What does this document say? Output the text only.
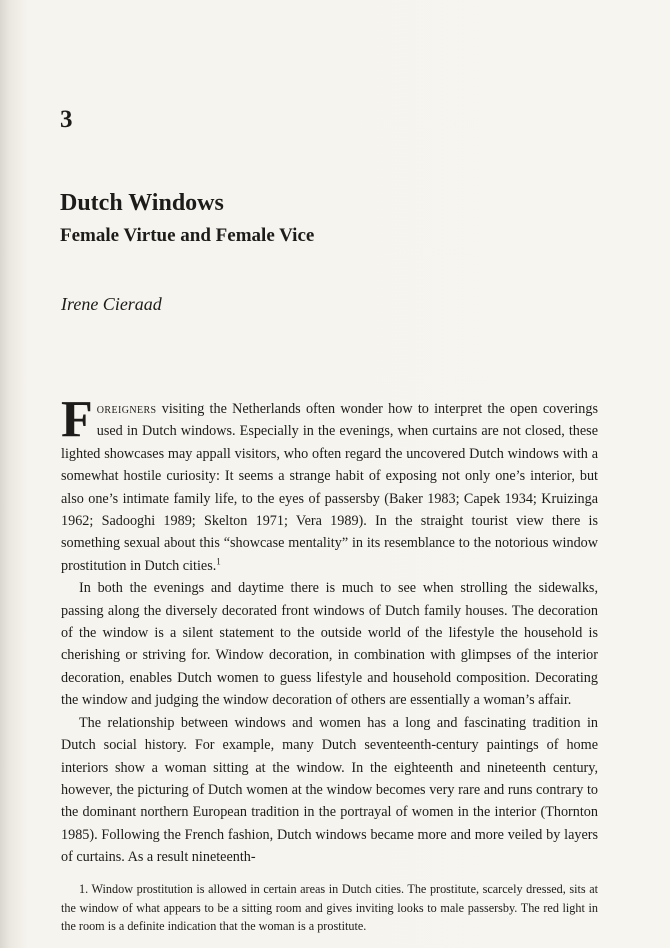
3
Dutch Windows
Female Virtue and Female Vice
Irene Cieraad

Foreigners visiting the Netherlands often wonder how to interpret the open coverings used in Dutch windows. Especially in the evenings, when curtains are not closed, these lighted showcases may appall visitors, who often regard the uncovered Dutch windows with a somewhat hostile curiosity: It seems a strange habit of exposing not only one’s interior, but also one’s intimate family life, to the eyes of passersby (Baker 1983; Capek 1934; Kruizinga 1962; Sadooghi 1989; Skelton 1971; Vera 1989). In the straight tourist view there is something sexual about this “showcase mentality” in its resemblance to the notorious window prostitution in Dutch cities.$^1$

In both the evenings and daytime there is much to see when strolling the sidewalks, passing along the diversely decorated front windows of Dutch family houses. The decoration of the window is a silent statement to the outside world of the lifestyle the household is cherishing or striving for. Window decoration, in combination with glimpses of the interior decoration, enables Dutch women to guess lifestyle and household composition. Decorating the window and judging the window decoration of others are essentially a woman’s affair.

The relationship between windows and women has a long and fascinating tradition in Dutch social history. For example, many Dutch seventeenth-century paintings of home interiors show a woman sitting at the window. In the eighteenth and nineteenth century, however, the picturing of Dutch women at the window becomes very rare and runs contrary to the dominant northern European tradition in the portrayal of women in the interior (Thornton 1985). Following the French fashion, Dutch windows became more and more veiled by layers of curtains. As a result nineteenth-

1. Window prostitution is allowed in certain areas in Dutch cities. The prostitute, scarcely dressed, sits at the window of what appears to be a sitting room and gives inviting looks to male passersby. The red light in the room is a definite indication that the woman is a prostitute.
